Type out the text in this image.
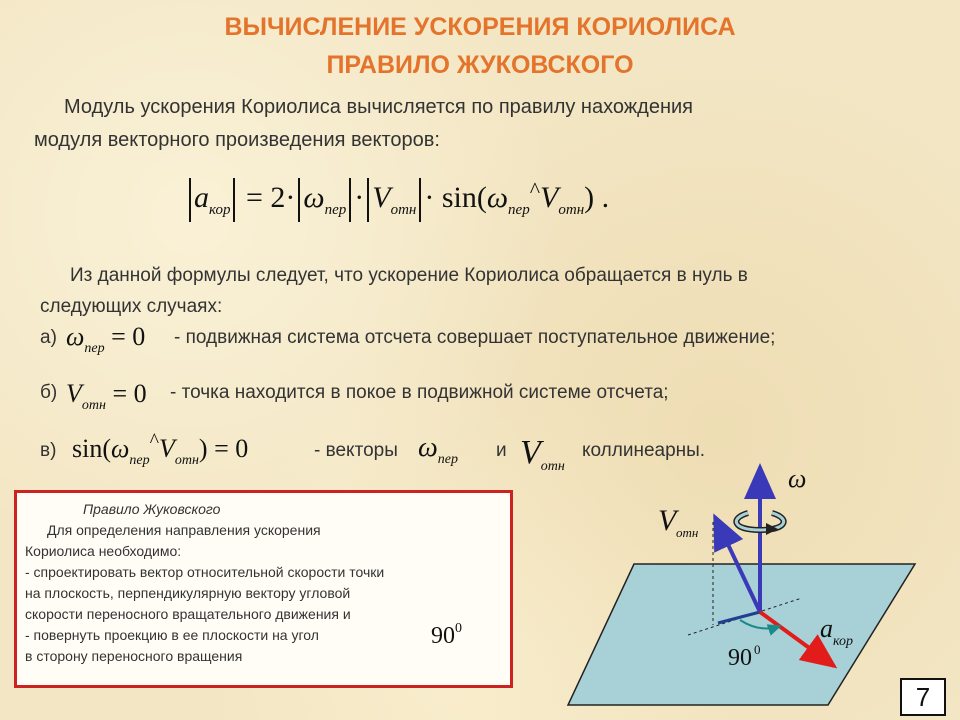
ВЫЧИСЛЕНИЕ УСКОРЕНИЯ КОРИОЛИСА
ПРАВИЛО ЖУКОВСКОГО
Модуль ускорения Кориолиса вычисляется по правилу нахождения
модуля векторного произведения векторов:
$a_{кор} = 2\cdot \omega_{пер} \cdot V_{отн} \cdot \sin(\omega_{пер}^{\^{}}V_{отн})$ .
Из данной формулы следует, что ускорение Кориолиса обращается в нуль в
следующих случаях:
а) $\omega_{пер} = 0$ - подвижная система отсчета совершает поступательное движение;
б) $V_{отн} = 0$ - точка находится в покое в подвижной системе отсчета;
в) $\sin(\omega_{пер}^{\^{}}V_{отн}) = 0$	- векторы $\omega_{пер}$ и $V_{отн}$
коллинеарны.
Правило Жуковского
Для определения направления ускорения
Кориолиса необходимо:
- спроектировать вектор относительной скорости точки
на плоскость, перпендикулярную вектору угловой
скорости переносного вращательного движения и
- повернуть проекцию в ее плоскости на угол
в сторону переносного вращения
$90^0$
ω
V отн
a кор
90 0
7
